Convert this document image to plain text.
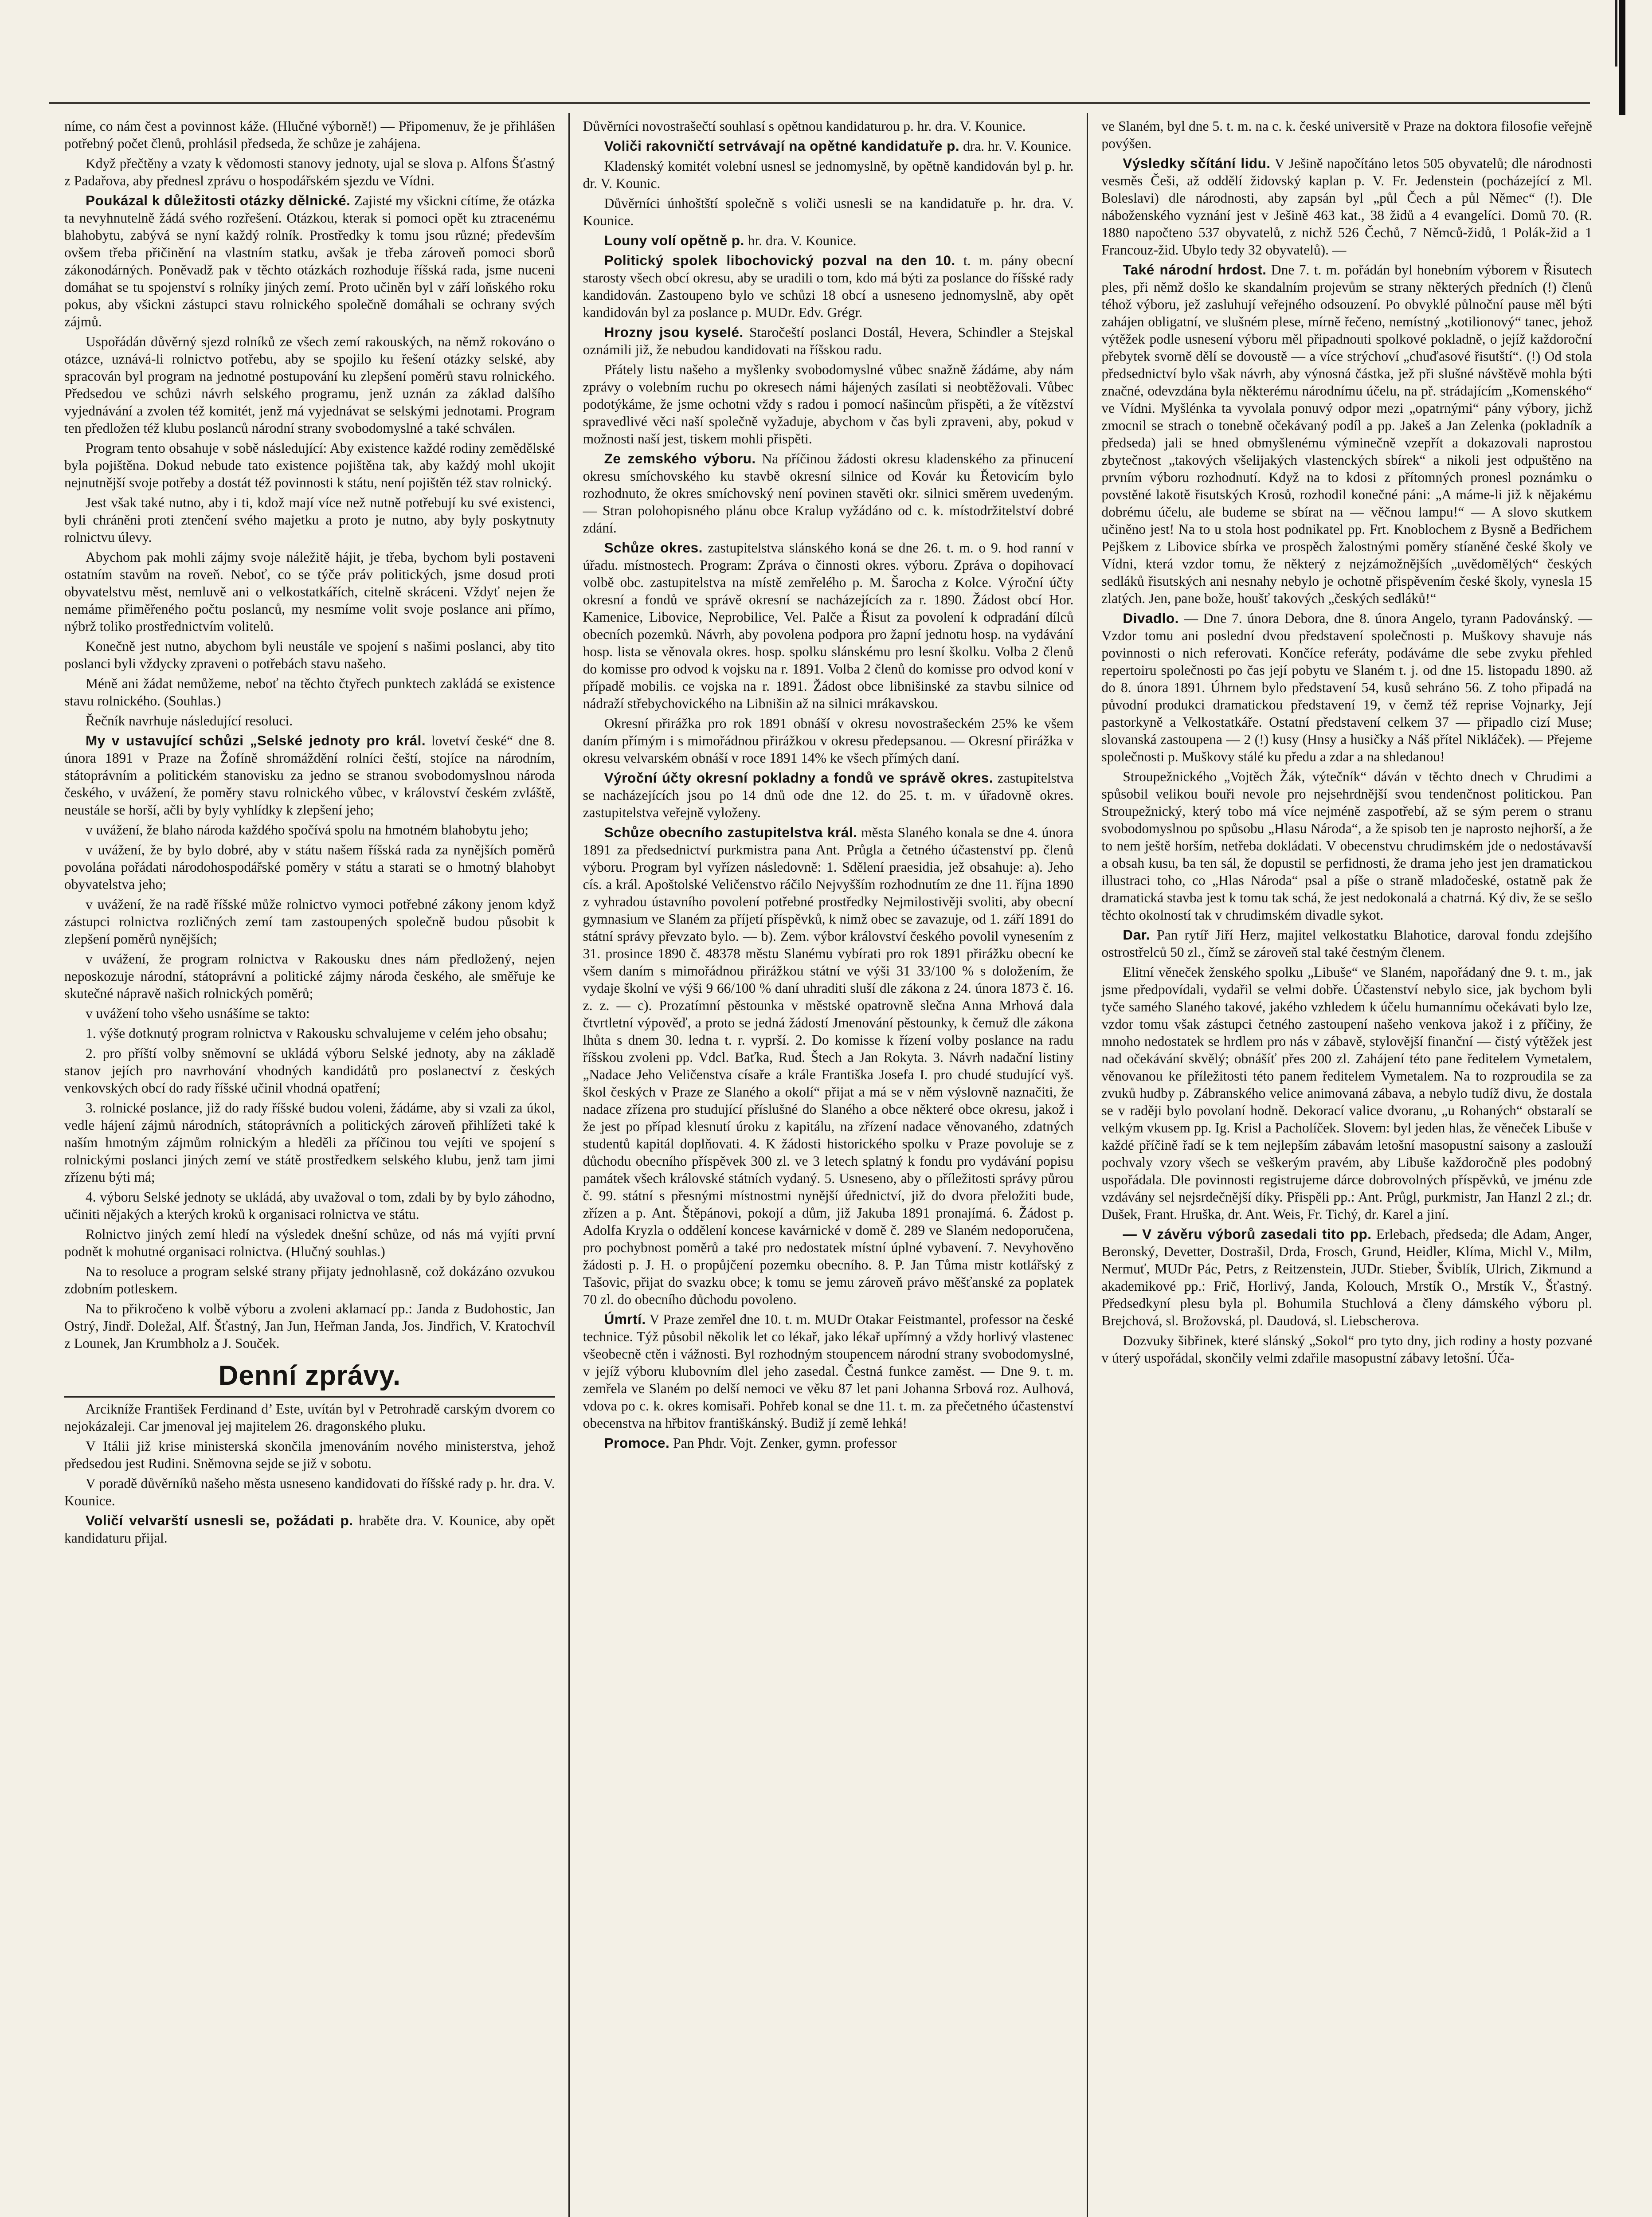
níme, co nám čest a povinnost káže. (Hlučné výborně!) — Připomenuv, že je přihlášen potřebný počet členů, prohlásil předseda, že schůze je zahájena.

Když přečtěny a vzaty k vědomosti stanovy jednoty, ujal se slova p. Alfons Šťastný z Padařova, aby přednesl zprávu o hospodářském sjezdu ve Vídni.

Poukázal k důležitosti otázky dělnické. Zajisté my všickni cítíme, že otázka ta nevyhnutelně žádá svého rozřešení. Otázkou, kterak si pomoci opět ku ztracenému blahobytu, zabývá se nyní každý rolník. Prostředky k tomu jsou různé; především ovšem třeba přičinění na vlastním statku, avšak je třeba zároveň pomoci sborů zákonodárných. Poněvadž pak v těchto otázkách rozhoduje říšská rada, jsme nuceni domáhat se tu spojenství s rolníky jiných zemí. Proto učiněn byl v září loňského roku pokus, aby všickni zástupci stavu rolnického společně domáhali se ochrany svých zájmů.

Uspořádán důvěrný sjezd rolníků ze všech zemí rakouských, na němž rokováno o otázce, uznává-li rolnictvo potřebu, aby se spojilo ku řešení otázky selské, aby spracován byl program na jednotné postupování ku zlepšení poměrů stavu rolnického. Předsedou ve schůzi návrh selského programu, jenž uznán za základ dalšího vyjednávání a zvolen též komitét, jenž má vyjednávat se selskými jednotami. Program ten předložen též klubu poslanců národní strany svobodomyslné a také schválen.

Program tento obsahuje v sobě následující: Aby existence každé rodiny zemědělské byla pojištěna. Dokud nebude tato existence pojištěna tak, aby každý mohl ukojit nejnutnější svoje potřeby a dostát též povinnosti k státu, není pojištěn též stav rolnický.

Jest však také nutno, aby i ti, kdož mají více než nutně potřebují ku své existenci, byli chráněni proti ztenčení svého majetku a proto je nutno, aby byly poskytnuty rolnictvu úlevy.

Abychom pak mohli zájmy svoje náležitě hájit, je třeba, bychom byli postaveni ostatním stavům na roveň. Neboť, co se týče práv politických, jsme dosud proti obyvatelstvu měst, nemluvě ani o velkostatkářích, citelně skráceni. Vždyť nejen že nemáme přiměřeného počtu poslanců, my nesmíme volit svoje poslance ani přímo, nýbrž toliko prostřednictvím volitelů.

Konečně jest nutno, abychom byli neustále ve spojení s našimi poslanci, aby tito poslanci byli vždycky zpraveni o potřebách stavu našeho.

Méně ani žádat nemůžeme, neboť na těchto čtyřech punktech zakládá se existence stavu rolnického. (Souhlas.)

Řečník navrhuje následující resoluci.

My v ustavující schůzi „Selské jednoty pro král. lovetví české“ dne 8. února 1891 v Praze na Žofíně shromáždění rolníci čeští, stojíce na národním, státoprávním a politickém stanovisku za jedno se stranou svobodomyslnou národa českého, v uvážení, že poměry stavu rolnického vůbec, v království českém zvláště, neustále se horší, ačli by byly vyhlídky k zlepšení jeho;

v uvážení, že blaho národa každého spočívá spolu na hmotném blahobytu jeho;

v uvážení, že by bylo dobré, aby v státu našem říšská rada za nynějších poměrů povolána pořádati národohospodářské poměry v státu a starati se o hmotný blahobyt obyvatelstva jeho;

v uvážení, že na radě říšské může rolnictvo vymoci potřebné zákony jenom když zástupci rolnictva rozličných zemí tam zastoupených společně budou působit k zlepšení poměrů nynějších;

v uvážení, že program rolnictva v Rakousku dnes nám předložený, nejen neposkozuje národní, státoprávní a politické zájmy národa českého, ale směřuje ke skutečné nápravě našich rolnických poměrů;

v uvážení toho všeho usnášíme se takto:

1. výše dotknutý program rolnictva v Rakousku schvalujeme v celém jeho obsahu;

2. pro příští volby sněmovní se ukládá výboru Selské jednoty, aby na základě stanov jejích pro navrhování vhodných kandidátů pro poslanectví z českých venkovských obcí do rady říšské učinil vhodná opatření;

3. rolnické poslance, již do rady říšské budou voleni, žádáme, aby si vzali za úkol, vedle hájení zájmů národních, státoprávních a politických zároveň přihlížeti také k naším hmotným zájmům rolnickým a hleděli za příčinou tou vejíti ve spojení s rolnickými poslanci jiných zemí ve státě prostředkem selského klubu, jenž tam jimi zřízenu býti má;

4. výboru Selské jednoty se ukládá, aby uvažoval o tom, zdali by by bylo záhodno, učiniti nějakých a kterých kroků k organisaci rolnictva ve státu.

Rolnictvo jiných zemí hledí na výsledek dnešní schůze, od nás má vyjíti první podnět k mohutné organisaci rolnictva. (Hlučný souhlas.)

Na to resoluce a program selské strany přijaty jednohlasně, což dokázáno ozvukou zdobním potleskem.

Na to přikročeno k volbě výboru a zvoleni aklamací pp.: Janda z Budohostic, Jan Ostrý, Jindř. Doležal, Alf. Šťastný, Jan Jun, Heřman Janda, Jos. Jindřich, V. Kratochvíl z Lounek, Jan Krumbholz a J. Souček.

Denní zprávy.

Arcikníže František Ferdinand d’ Este, uvítán byl v Petrohradě carským dvorem co nejokázaleji. Car jmenoval jej majitelem 26. dragonského pluku.

V Itálii již krise ministerská skončila jmenováním nového ministerstva, jehož předsedou jest Rudini. Sněmovna sejde se již v sobotu.

V poradě důvěrníků našeho města usneseno kandidovati do říšské rady p. hr. dra. V. Kounice.

Voličí velvarští usnesli se, požádati p. hraběte dra. V. Kounice, aby opět kandidaturu přijal.

Důvěrníci novostrašečtí souhlasí s opětnou kandidaturou p. hr. dra. V. Kounice.

Voliči rakovničtí setrvávají na opětné kandidatuře p. dra. hr. V. Kounice.

Kladenský komitét volební usnesl se jednomyslně, by opětně kandidován byl p. hr. dr. V. Kounic.

Důvěrníci únhoštští společně s voliči usnesli se na kandidatuře p. hr. dra. V. Kounice.

Louny volí opětně p. hr. dra. V. Kounice.

Politický spolek libochovický pozval na den 10. t. m. pány obecní starosty všech obcí okresu, aby se uradili o tom, kdo má býti za poslance do říšské rady kandidován. Zastoupeno bylo ve schůzi 18 obcí a usneseno jednomyslně, aby opět kandidován byl za poslance p. MUDr. Edv. Grégr.

Hrozny jsou kyselé. Staročeští poslanci Dostál, Hevera, Schindler a Stejskal oznámili již, že nebudou kandidovati na říšskou radu.

Přátely listu našeho a myšlenky svobodomyslné vůbec snažně žádáme, aby nám zprávy o volebním ruchu po okresech námi hájených zasílati si neobtěžovali. Vůbec podotýkáme, že jsme ochotni vždy s radou i pomocí našincům přispěti, a že vítězství spravedlivé věci naší společně vyžaduje, abychom v čas byli zpraveni, aby, pokud v možnosti naší jest, tiskem mohli přispěti.

Ze zemského výboru. Na příčinou žádosti okresu kladenského za přinucení okresu smíchovského ku stavbě okresní silnice od Kovár ku Řetovicím bylo rozhodnuto, že okres smíchovský není povinen stavěti okr. silnici směrem uvedeným. — Stran polohopisného plánu obce Kralup vyžádáno od c. k. místodržitelství dobré zdání.

Schůze okres. zastupitelstva slánského koná se dne 26. t. m. o 9. hod ranní v úřadu. místnostech. Program: Zpráva o činnosti okres. výboru. Zpráva o dopihovací volbě obc. zastupitelstva na místě zemřelého p. M. Šarocha z Kolce. Výroční účty okresní a fondů ve správě okresní se nacházejících za r. 1890. Žádost obcí Hor. Kamenice, Libovice, Neprobilice, Vel. Palče a Řisut za povolení k odpradání dílců obecních pozemků. Návrh, aby povolena podpora pro žapní jednotu hosp. na vydávání hosp. lista se věnovala okres. hosp. spolku slánskému pro lesní školku. Volba 2 členů do komisse pro odvod k vojsku na r. 1891. Volba 2 členů do komisse pro odvod koní v případě mobilis. ce vojska na r. 1891. Žádost obce libnišinské za stavbu silnice od nádraží střebychovického na Libnišin až na silnici mrákavskou.

Okresní přirážka pro rok 1891 obnáší v okresu novostrašeckém 25% ke všem daním přímým i s mimořádnou přirážkou v okresu předepsanou. — Okresní přirážka v okresu velvarském obnáší v roce 1891 14% ke všech přímých daní.

Výroční účty okresní pokladny a fondů ve správě okres. zastupitelstva se nacházejících jsou po 14 dnů ode dne 12. do 25. t. m. v úřadovně okres. zastupitelstva veřejně vyloženy.

Schůze obecního zastupitelstva král. města Slaného konala se dne 4. února 1891 za předsednictví purkmistra pana Ant. Průgla a četného účastenství pp. členů výboru. Program byl vyřízen následovně: 1. Sdělení praesidia, jež obsahuje: a). Jeho cís. a král. Apoštolské Veličenstvo ráčilo Nejvyšším rozhodnutím ze dne 11. října 1890 z vyhradou ústavního povolení potřebné prostředky Nejmilostivěji svoliti, aby obecní gymnasium ve Slaném za příjetí příspěvků, k nimž obec se zavazuje, od 1. září 1891 do státní správy převzato bylo. — b). Zem. výbor království českého povolil vynesením z 31. prosince 1890 č. 48378 městu Slanému vybírati pro rok 1891 přirážku obecní ke všem daním s mimořádnou přirážkou státní ve výši 31 33/100 % s doložením, že vydaje školní ve výši 9 66/100 % daní uhraditi sluší dle zákona z 24. února 1873 č. 16. z. z. — c). Prozatímní pěstounka v městské opatrovně slečna Anna Mrhová dala čtvrtletní výpověď, a proto se jedná žádostí Jmenování pěstounky, k čemuž dle zákona lhůta s dnem 30. ledna t. r. vyprší. 2. Do komisse k řízení volby poslance na radu říšskou zvoleni pp. Vdcl. Baťka, Rud. Štech a Jan Rokyta. 3. Návrh nadační listiny „Nadace Jeho Veličenstva císaře a krále Františka Josefa I. pro chudé studující vyš. škol českých v Praze ze Slaného a okolí“ přijat a má se v něm výslovně naznačiti, že nadace zřízena pro studující příslušné do Slaného a obce některé obce okresu, jakož i že jest po případ klesnutí úroku z kapitálu, na zřízení nadace věnovaného, zdatných studentů kapitál doplňovati. 4. K žádosti historického spolku v Praze povoluje se z důchodu obecního příspěvek 300 zl. ve 3 letech splatný k fondu pro vydávání popisu památek všech královské státních vydaný. 5. Usneseno, aby o příležitosti správy půrou č. 99. státní s přesnými místnostmi nynější úřednictví, již do dvora přeložiti bude, zřízen a p. Ant. Štěpánovi, pokojí a dům, již Jakuba 1891 pronajímá. 6. Žádost p. Adolfa Kryzla o oddělení koncese kavárnické v domě č. 289 ve Slaném nedoporučena, pro pochybnost poměrů a také pro nedostatek místní úplné vybavení. 7. Nevyhověno žádosti p. J. H. o propůjčení pozemku obecního. 8. P. Jan Tůma mistr kotlářský z Tašovic, přijat do svazku obce; k tomu se jemu zároveň právo měšťanské za poplatek 70 zl. do obecního důchodu povoleno.

Úmrtí. V Praze zemřel dne 10. t. m. MUDr Otakar Feistmantel, professor na české technice. Týž působil několik let co lékař, jako lékař upřímný a vždy horlivý vlastenec všeobecně ctěn i vážnosti. Byl rozhodným stoupencem národní strany svobodomyslné, v jejíž výboru klubovním dlel jeho zasedal. Čestná funkce zaměst. — Dne 9. t. m. zemřela ve Slaném po delší nemoci ve věku 87 let pani Johanna Srbová roz. Aulhová, vdova po c. k. okres komisaři. Pohřeb konal se dne 11. t. m. za přečetného účastenství obecenstva na hřbitov františkánský. Budiž jí země lehká!

Promoce. Pan Phdr. Vojt. Zenker, gymn. professor

ve Slaném, byl dne 5. t. m. na c. k. české universitě v Praze na doktora filosofie veřejně povýšen.

Výsledky sčítání lidu. V Ješině napočítáno letos 505 obyvatelů; dle národnosti vesměs Češi, až oddělí židovský kaplan p. V. Fr. Jedenstein (pocházející z Ml. Boleslavi) dle národnosti, aby zapsán byl „půl Čech a půl Němec“ (!). Dle náboženského vyznání jest v Ješině 463 kat., 38 židů a 4 evangelíci. Domů 70. (R. 1880 napočteno 537 obyvatelů, z nichž 526 Čechů, 7 Němců-židů, 1 Polák-žid a 1 Francouz-žid. Ubylo tedy 32 obyvatelů). —

Také národní hrdost. Dne 7. t. m. pořádán byl honebním výborem v Řisutech ples, při němž došlo ke skandalním projevům se strany některých předních (!) členů téhož výboru, jež zasluhují veřejného odsouzení. Po obvyklé půlnoční pause měl býti zahájen obligatní, ve slušném plese, mírně řečeno, nemístný „kotilionový“ tanec, jehož výtěžek podle usnesení výboru měl připadnouti spolkové pokladně, o jejíž každoroční přebytek svorně dělí se dovoustě — a více strýchoví „chuďasové řisutští“. (!) Od stola předsednictví bylo však návrh, aby výnosná částka, jež při slušné návštěvě mohla býti značné, odevzdána byla některému národnímu účelu, na př. strádajícím „Komenského“ ve Vídni. Myšlénka ta vyvolala ponuvý odpor mezi „opatrnými“ pány výbory, jichž zmocnil se strach o tonebně očekávaný podíl a pp. Jakeš a Jan Zelenka (pokladník a předseda) jali se hned obmyšlenému výminečně vzepřít a dokazovali naprostou zbytečnost „takových všelijakých vlastenckých sbírek“ a nikoli jest odpuštěno na prvním výboru rozhodnutí. Když na to kdosi z přítomných pronesl poznámku o povstěné lakotě řisutských Krosů, rozhodil konečné páni: „A máme-li již k nějakému dobrému účelu, ale budeme se sbírat na — věčnou lampu!“ — A slovo skutkem učiněno jest! Na to u stola host podnikatel pp. Frt. Knoblochem z Bysně a Bedřichem Pejškem z Libovice sbírka ve prospěch žalostnými poměry stíaněné české školy ve Vídni, která vzdor tomu, že některý z nejzámožnějších „uvědomělých“ českých sedláků řisutských ani nesnahy nebylo je ochotně přispěvením české školy, vynesla 15 zlatých. Jen, pane bože, houšť takových „českých sedláků!“

Divadlo. — Dne 7. února Debora, dne 8. února Angelo, tyrann Padovánský. — Vzdor tomu ani poslední dvou představení společnosti p. Muškovy shavuje nás povinnosti o nich referovati. Končíce referáty, podáváme dle sebe zvyku přehled repertoiru společnosti po čas její pobytu ve Slaném t. j. od dne 15. listopadu 1890. až do 8. února 1891. Úhrnem bylo představení 54, kusů sehráno 56. Z toho připadá na původní produkci dramatickou představení 19, v čemž též reprise Vojnarky, Její pastorkyně a Velkostatkáře. Ostatní představení celkem 37 — připadlo cizí Muse; slovanská zastoupena — 2 (!) kusy (Hnsy a husičky a Náš přítel Nikláček). — Přejeme společnosti p. Muškovy stálé ku předu a zdar a na shledanou!

Stroupežnického „Vojtěch Žák, výtečník“ dáván v těchto dnech v Chrudimi a spůsobil velikou bouři nevole pro nejsehrdnější svou tendenčnost politickou. Pan Stroupežnický, který tobo má více nejméně zaspotřebí, až se sým perem o stranu svobodomyslnou po spůsobu „Hlasu Národa“, a že spisob ten je naprosto nejhorší, a že to nem ještě horším, netřeba dokládati. V obecenstvu chrudimském jde o nedostávavší a obsah kusu, ba ten sál, že dopustil se perfidnosti, že drama jeho jest jen dramatickou illustraci toho, co „Hlas Národa“ psal a píše o straně mladočeské, ostatně pak že dramatická stavba jest k tomu tak schá, že jest nedokonalá a chatrná. Ký div, že se sešlo těchto okolností tak v chrudimském divadle sykot.

Dar. Pan rytíř Jiří Herz, majitel velkostatku Blahotice, daroval fondu zdejšího ostrostřelců 50 zl., čímž se zároveň stal také čestným členem.

Elitní věneček ženského spolku „Libuše“ ve Slaném, napořádaný dne 9. t. m., jak jsme předpovídali, vydařil se velmi dobře. Účastenství nebylo sice, jak bychom byli tyče samého Slaného takové, jakého vzhledem k účelu humannímu očekávati bylo lze, vzdor tomu však zástupci četného zastoupení našeho venkova jakož i z příčiny, že mnoho nedostatek se hrdlem pro nás v zábavě, stylovější finanční — čistý výtěžek jest nad očekávání skvělý; obnášíť přes 200 zl. Zahájení této pane ředitelem Vymetalem, věnovanou ke příležitosti této panem ředitelem Vymetalem. Na to rozproudila se za zvuků hudby p. Zábranského velice animovaná zábava, a nebylo tudíž divu, že dostala se v raději bylo povolaní hodně. Dekorací valice dvoranu, „u Rohaných“ obstaralí se velkým vkusem pp. Ig. Krisl a Pacholíček. Slovem: byl jeden hlas, že věneček Libuše v každé příčině řadí se k tem nejlepším zábavám letošní masopustní saisony a zaslouží pochvaly vzory všech se veškerým pravém, aby Libuše každoročně ples podobný uspořádala. Dle povinnosti registrujeme dárce dobrovolných příspěvků, ve jménu zde vzdávány sel nejsrdečnější díky. Přispěli pp.: Ant. Průgl, purkmistr, Jan Hanzl 2 zl.; dr. Dušek, Frant. Hruška, dr. Ant. Weis, Fr. Tichý, dr. Karel a jiní.

— V závěru výborů zasedali tito pp. Erlebach, předseda; dle Adam, Anger, Beronský, Devetter, Dostrašil, Drda, Frosch, Grund, Heidler, Klíma, Michl V., Milm, Nermuť, MUDr Pác, Petrs, z Reitzenstein, JUDr. Stieber, Šviblík, Ulrich, Zikmund a akademikové pp.: Frič, Horlivý, Janda, Kolouch, Mrstík O., Mrstík V., Šťastný. Předsedkyní plesu byla pl. Bohumila Stuchlová a členy dámského výboru pl. Brejchová, sl. Brožovská, pl. Daudová, sl. Liebscherova.

Dozvuky šibřinek, které slánský „Sokol“ pro tyto dny, jich rodiny a hosty pozvané v úterý uspořádal, skončily velmi zdařile masopustní zábavy letošní. Úča-
